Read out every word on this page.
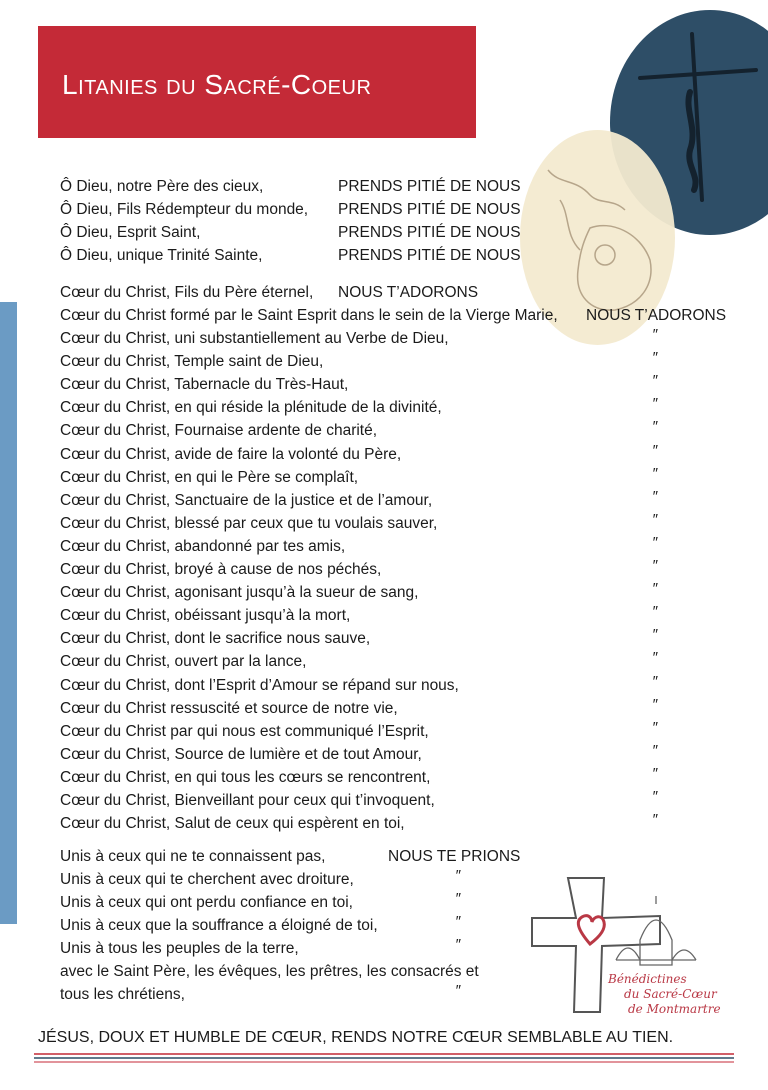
Litanies du Sacré-Coeur
Ô Dieu, notre Père des cieux,	PRENDS PITIÉ DE NOUS
Ô Dieu, Fils Rédempteur du monde, PRENDS PITIÉ DE NOUS
Ô Dieu, Esprit Saint,	PRENDS PITIÉ DE NOUS
Ô Dieu, unique Trinité Sainte,	PRENDS PITIÉ DE NOUS
Cœur du Christ, Fils du Père éternel, NOUS T’ADORONS
Cœur du Christ formé par le Saint Esprit dans le sein de la Vierge Marie, NOUS T’ADORONS
Cœur du Christ, uni substantiellement au Verbe de Dieu,	″
Cœur du Christ, Temple saint de Dieu,	″
Cœur du Christ, Tabernacle du Très-Haut,	″
Cœur du Christ, en qui réside la plénitude de la divinité,	″
Cœur du Christ, Fournaise ardente de charité,	″
Cœur du Christ, avide de faire la volonté du Père,	″
Cœur du Christ, en qui le Père se complaît,	″
Cœur du Christ, Sanctuaire de la justice et de l’amour,	″
Cœur du Christ, blessé par ceux que tu voulais sauver,	″
Cœur du Christ, abandonné par tes amis,	″
Cœur du Christ, broyé à cause de nos péchés,	″
Cœur du Christ, agonisant jusqu’à la sueur de sang,	″
Cœur du Christ, obéissant jusqu’à la mort,	″
Cœur du Christ, dont le sacrifice nous sauve,	″
Cœur du Christ, ouvert par la lance,	″
Cœur du Christ, dont l’Esprit d’Amour se répand sur nous,	″
Cœur du Christ ressuscité et source de notre vie,	″
Cœur du Christ par qui nous est communiqué l’Esprit,	″
Cœur du Christ, Source de lumière et de tout Amour,	″
Cœur du Christ, en qui tous les cœurs se rencontrent,	″
Cœur du Christ, Bienveillant pour ceux qui t’invoquent,	″
Cœur du Christ, Salut de ceux qui espèrent en toi,	″
Unis à ceux qui ne te connaissent pas,	NOUS TE PRIONS
Unis à ceux qui te cherchent avec droiture,	″
Unis à ceux qui ont perdu confiance en toi,	″
Unis à ceux que la souffrance a éloigné de toi,	″
Unis à tous les peuples de la terre,	″
avec le Saint Père, les évêques, les prêtres, les consacrés et
tous les chrétiens,	″
Bénédictines
du Sacré-Cœur
de Montmartre
JÉSUS, DOUX ET HUMBLE DE CŒUR, RENDS NOTRE CŒUR SEMBLABLE AU TIEN.
